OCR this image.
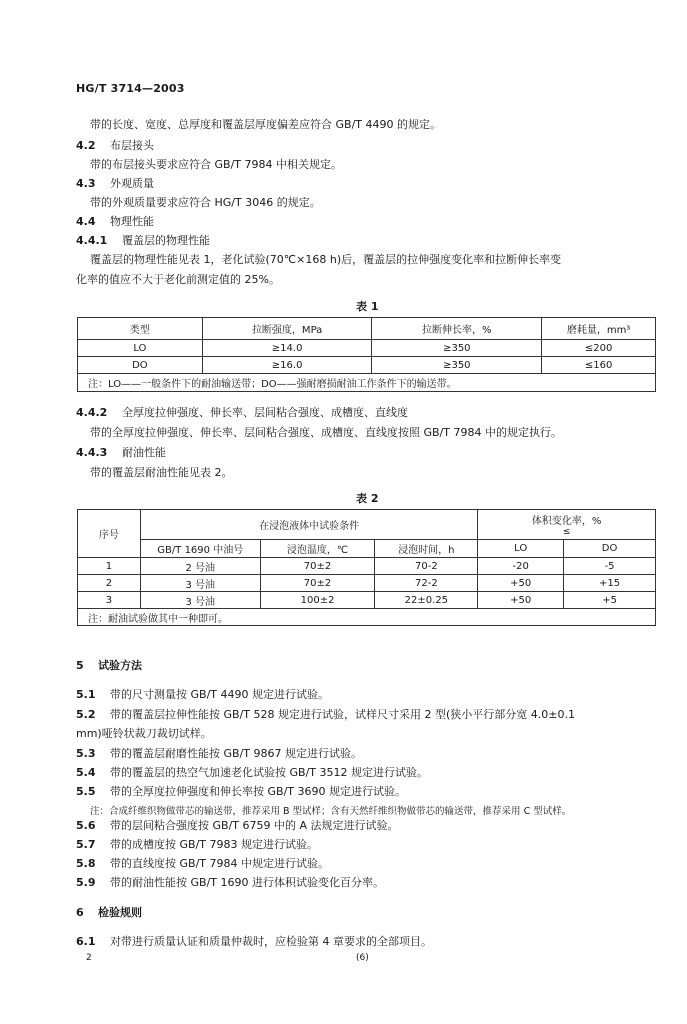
HG/T 3714—2003
带的长度、宽度、总厚度和覆盖层厚度偏差应符合 GB/T 4490 的规定。
4.2 布层接头
带的布层接头要求应符合 GB/T 7984 中相关规定。
4.3 外观质量
带的外观质量要求应符合 HG/T 3046 的规定。
4.4 物理性能
4.4.1 覆盖层的物理性能
覆盖层的物理性能见表 1，老化试验(70℃×168 h)后，覆盖层的拉伸强度变化率和拉断伸长率变
化率的值应不大于老化前测定值的 25%。
表 1
类型	拉断强度，MPa	拉断伸长率，%	磨耗量，mm³
LO	≥14.0	≥350	≤200
DO	≥16.0	≥350	≤160
注：LO——一般条件下的耐油输送带；DO——强耐磨损耐油工作条件下的输送带。			
4.4.2 全厚度拉伸强度、伸长率、层间粘合强度、成槽度、直线度
带的全厚度拉伸强度、伸长率、层间粘合强度、成槽度、直线度按照 GB/T 7984 中的规定执行。
4.4.3 耐油性能
带的覆盖层耐油性能见表 2。
表 2
序号	在浸泡液体中试验条件			体积变化率，%
≤	

	GB/T 1690 中油号	浸泡温度，℃	浸泡时间，h	LO	DO
1	2 号油	70±2	70-2	-20	-5
2	3 号油	70±2	72-2	+50	+15
3	3 号油	100±2	22±0.25	+50	+5
注：耐油试验做其中一种即可。					
5 试验方法
5.1 带的尺寸测量按 GB/T 4490 规定进行试验。
5.2 带的覆盖层拉伸性能按 GB/T 528 规定进行试验，试样尺寸采用 2 型(狭小平行部分宽 4.0±0.1
mm)哑铃状裁刀裁切试样。
5.3 带的覆盖层耐磨性能按 GB/T 9867 规定进行试验。
5.4 带的覆盖层的热空气加速老化试验按 GB/T 3512 规定进行试验。
5.5 带的全厚度拉伸强度和伸长率按 GB/T 3690 规定进行试验。
注：合成纤维织物做带芯的输送带，推荐采用 B 型试样；含有天然纤维织物做带芯的输送带，推荐采用 C 型试样。
5.6 带的层间粘合强度按 GB/T 6759 中的 A 法规定进行试验。
5.7 带的成槽度按 GB/T 7983 规定进行试验。
5.8 带的直线度按 GB/T 7984 中规定进行试验。
5.9 带的耐油性能按 GB/T 1690 进行体积试验变化百分率。
6 检验规则
6.1 对带进行质量认证和质量仲裁时，应检验第 4 章要求的全部项目。
2	(6)
